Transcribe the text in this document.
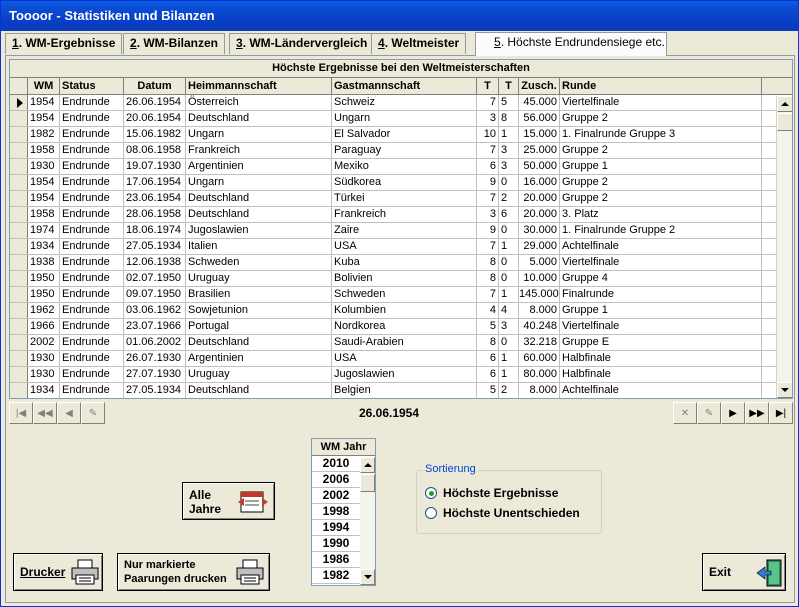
Toooor - Statistiken und Bilanzen
1. WM-Ergebnisse	2. WM-Bilanzen	3. WM-Ländervergleich 4. Weltmeister	5. Höchste Endrundensiege etc.
Höchste Ergebnisse bei den Weltmeisterschaften
WM Status	Datum	Heimmannschaft	Gastmannschaft	T	T Zusch. Runde
1954 Endrunde	26.06.1954 Österreich	Schweiz	7 5	45.000 Viertelfinale
1954 Endrunde	20.06.1954 Deutschland	Ungarn	3 8	56.000 Gruppe 2
1982 Endrunde	15.06.1982 Ungarn	El Salvador	10 1	15.000 1. Finalrunde Gruppe 3
1958 Endrunde	08.06.1958 Frankreich	Paraguay	7 3	25.000 Gruppe 2
1930 Endrunde	19.07.1930 Argentinien	Mexiko	6 3	50.000 Gruppe 1
1954 Endrunde	17.06.1954 Ungarn	Südkorea	9 0	16.000 Gruppe 2
1954 Endrunde	23.06.1954 Deutschland	Türkei	7 2	20.000 Gruppe 2
1958 Endrunde	28.06.1958 Deutschland	Frankreich	3 6	20.000 3. Platz
1974 Endrunde	18.06.1974 Jugoslawien	Zaire	9 0	30.000 1. Finalrunde Gruppe 2
1934 Endrunde	27.05.1934 Italien	USA	7 1	29.000 Achtelfinale
1938 Endrunde	12.06.1938 Schweden	Kuba	8 0	5.000 Viertelfinale
1950 Endrunde	02.07.1950 Uruguay	Bolivien	8 0	10.000 Gruppe 4
1950 Endrunde	09.07.1950 Brasilien	Schweden	7 1	145.000 Finalrunde
1962 Endrunde	03.06.1962 Sowjetunion	Kolumbien	4 4	8.000 Gruppe 1
1966 Endrunde	23.07.1966 Portugal	Nordkorea	5 3	40.248 Viertelfinale
2002 Endrunde	01.06.2002 Deutschland	Saudi-Arabien	8 0	32.218 Gruppe E
1930 Endrunde	26.07.1930 Argentinien	USA	6 1	60.000 Halbfinale
1930 Endrunde	27.07.1930 Uruguay	Jugoslawien	6 1	80.000 Halbfinale
1934 Endrunde	27.05.1934 Deutschland	Belgien	5 2	8.000 Achtelfinale
|◀ ◀◀ ◀ ✎	26.06.1954	✕ ✎ ▶ ▶▶ ▶|
Alle
Jahre
WM Jahr
2010
2006
2002
1998
1994
1990
1986
1982
Sortierung
Höchste Ergebnisse
Höchste Unentschieden
Drucker	Nur markierte
Paarungen drucken	Exit
